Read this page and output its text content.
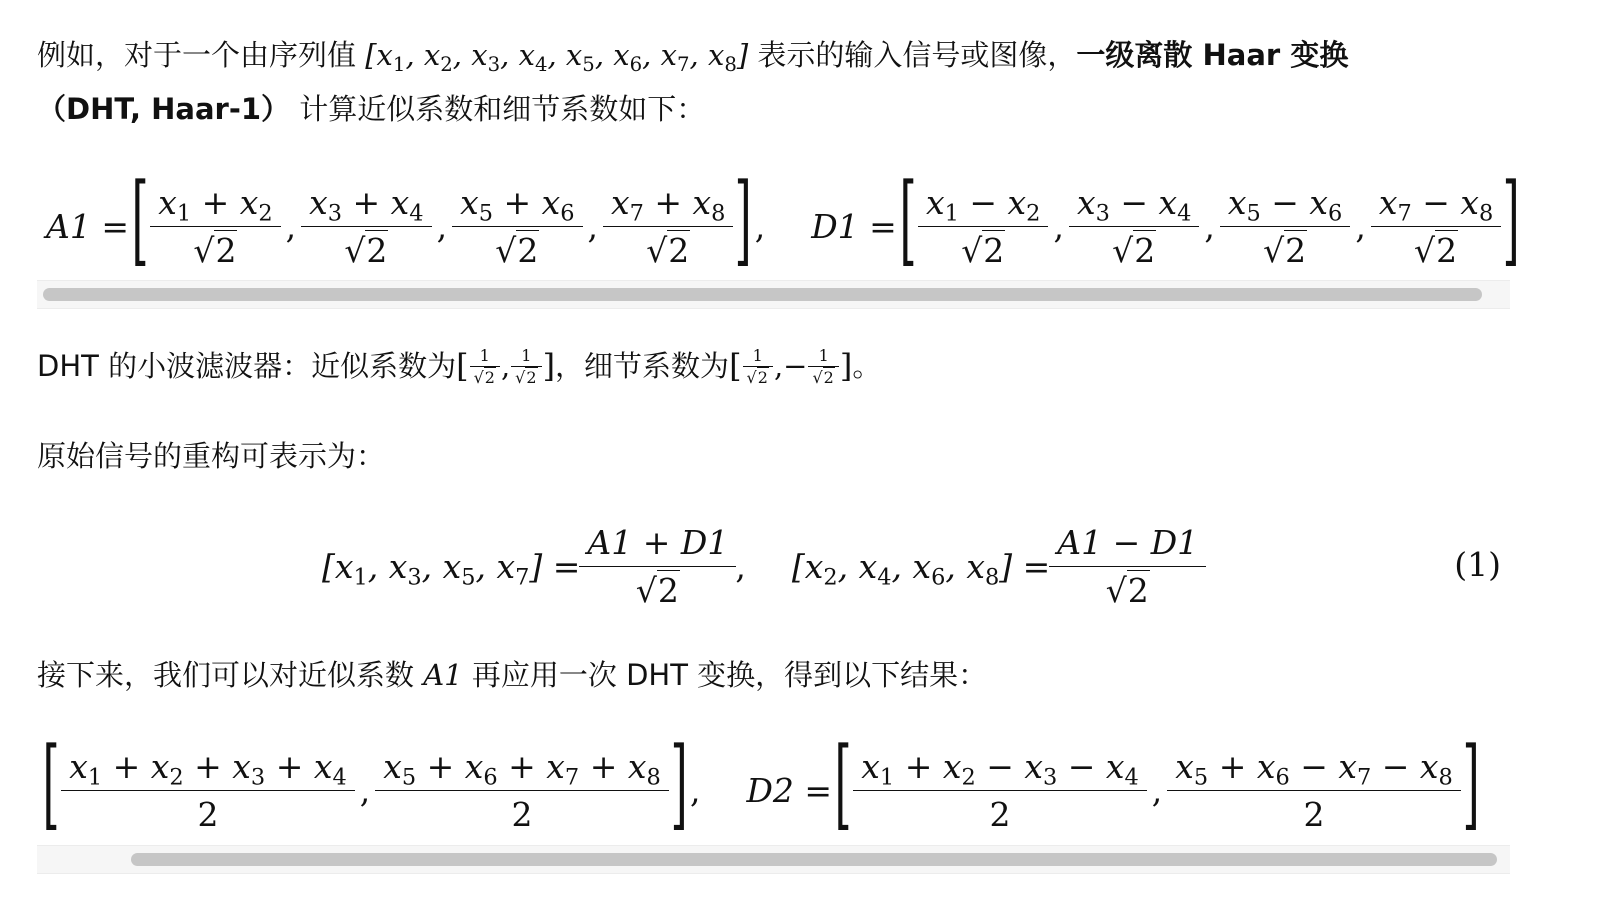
例如，对于一个由序列值 [$x_1$, $x_2$, $x_3$, $x_4$, $x_5$, $x_6$, $x_7$, $x_8$] 表示的输入信号或图像，一级离散 Haar 变换
（DHT, Haar-1） 计算近似系数和细节系数如下：
A1 = [ $\frac{x_1 + x_2}{√2}$ , $\frac{x_3 + x_4}{√2}$ , $\frac{x_5 + x_6}{√2}$ , $\frac{x_7 + x_8}{√2}$ ] , D1 = [ $\frac{x_1 - x_2}{√2}$ , $\frac{x_3 - x_4}{√2}$ , $\frac{x_5 - x_6}{√2}$ , $\frac{x_7 - x_8}{√2}$ ]
DHT 的小波滤波器：近似系数为 [ $\frac{1}{√2}$ , $\frac{1}{√2}$ ] ，细节系数为 [ $\frac{1}{√2}$ , − $\frac{1}{√2}$ ] 。
原始信号的重构可表示为：
[$x_1$, $x_3$, $x_5$, $x_7] = \frac{A1 + D1}{√2}$ , [$x_2$, $x_4$, $x_6$, $x_8] = \frac{A1 - D1}{√2}$	(1)
接下来，我们可以对近似系数 A1 再应用一次 DHT 变换，得到以下结果：
[ $\frac{x_1 + x_2 + x_3 + x_4}{2}$ , $\frac{x_5 + x_6 + x_7 + x_8}{2}$ ] , D2 = [ $\frac{x_1 + x_2 - x_3 - x_4}{2}$ , $\frac{x_5 + x_6 - x_7 - x_8}{2}$ ]
